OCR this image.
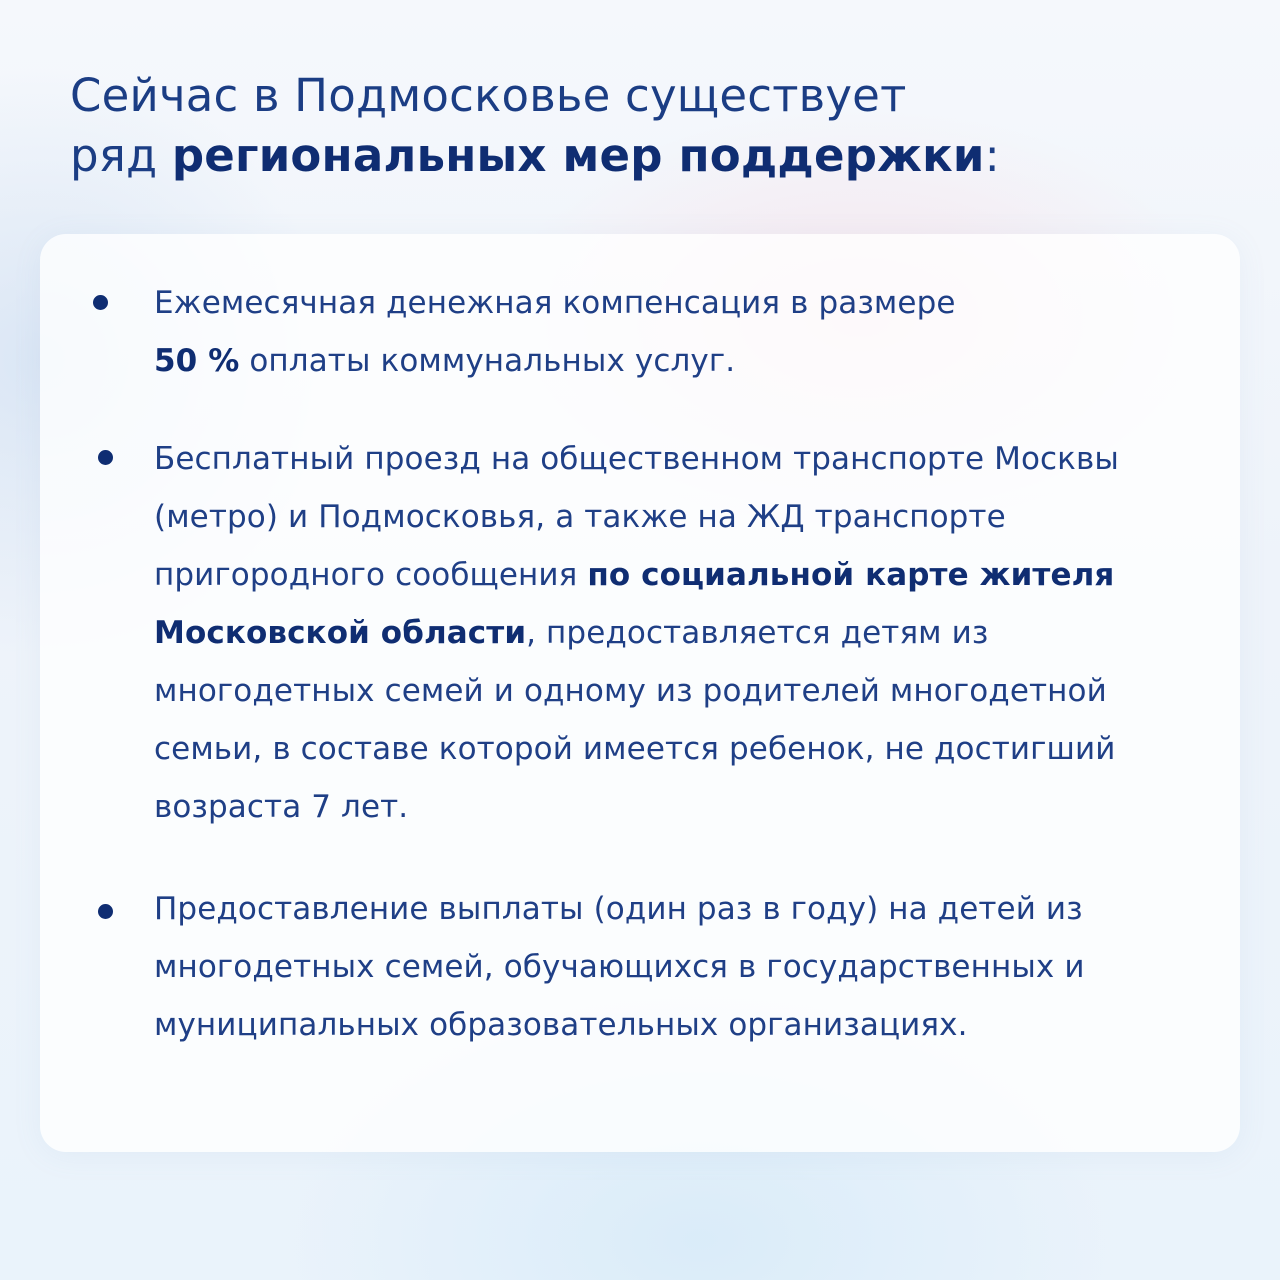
Сейчас в Подмосковье существует
ряд региональных мер поддержки:

Ежемесячная денежная компенсация в размере
50 % оплаты коммунальных услуг.

Бесплатный проезд на общественном транспорте Москвы (метро) и Подмосковья, а также на ЖД транспорте пригородного сообщения по социальной карте жителя Московской области, предоставляется детям из многодетных семей и одному из родителей многодетной семьи, в составе которой имеется ребенок, не достигший возраста 7 лет.

Предоставление выплаты (один раз в году) на детей из многодетных семей, обучающихся в государственных и муниципальных образовательных организациях.
